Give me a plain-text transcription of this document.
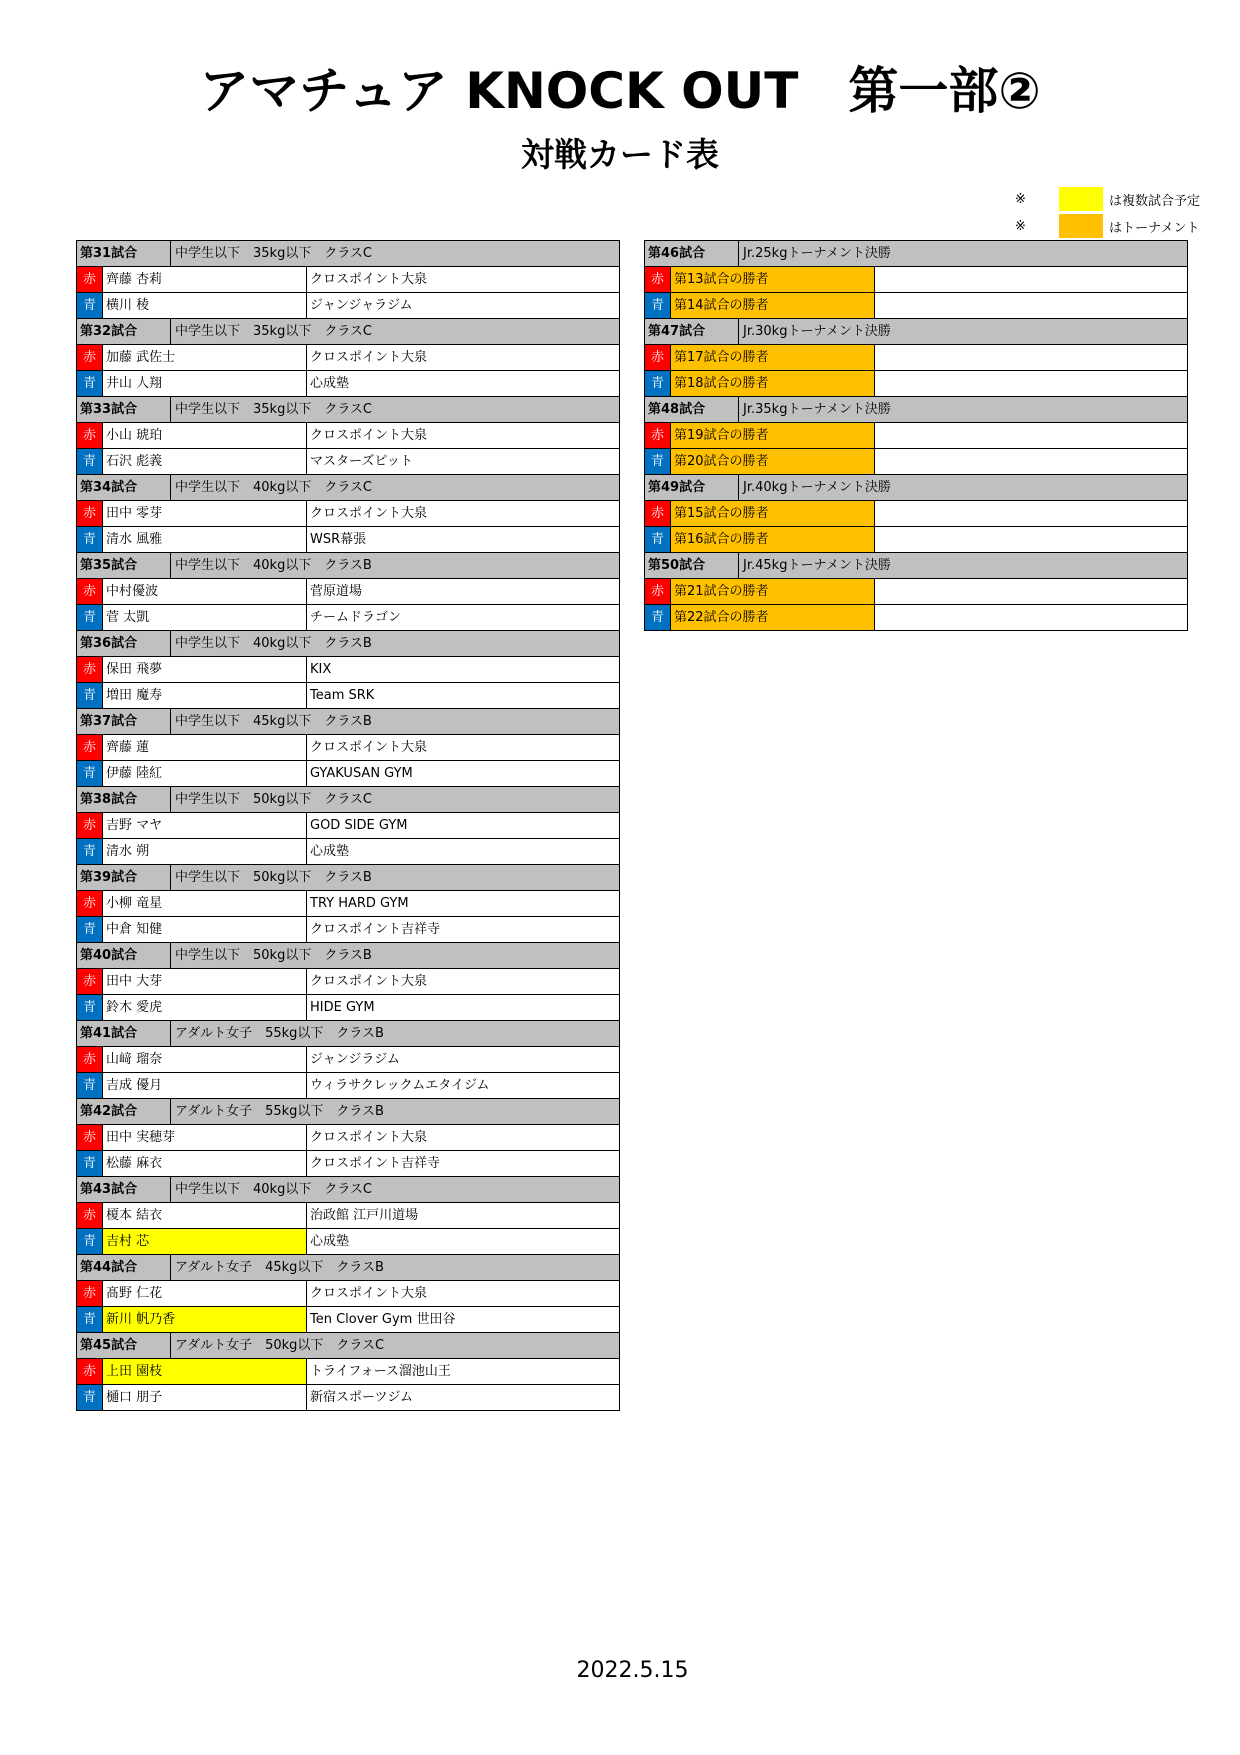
アマチュア KNOCK OUT　第一部②
対戦カード表
※	は複数試合予定
※	はトーナメント
第31試合	中学生以下　35kg以下　クラスC
赤 齊藤 杏莉	クロスポイント大泉
青 横川 稜	ジャンジャラジム
第32試合	中学生以下　35kg以下　クラスC
赤 加藤 武佐士	クロスポイント大泉
青 井山 人翔	心成塾
第33試合	中学生以下　35kg以下　クラスC
赤 小山 琥珀	クロスポイント大泉
青 石沢 彪義	マスターズピット
第34試合	中学生以下　40kg以下　クラスC
赤 田中 零芽	クロスポイント大泉
青 清水 風雅	WSR幕張
第35試合	中学生以下　40kg以下　クラスB
赤 中村優波	菅原道場
青 菅 太凱	チームドラゴン
第36試合	中学生以下　40kg以下　クラスB
赤 保田 飛夢	KIX
青 増田 魔寿	Team SRK
第37試合	中学生以下　45kg以下　クラスB
赤 齊藤 蓮	クロスポイント大泉
青 伊藤 陸紅	GYAKUSAN GYM
第38試合	中学生以下　50kg以下　クラスC
赤 吉野 マヤ	GOD SIDE GYM
青 清水 朔	心成塾
第39試合	中学生以下　50kg以下　クラスB
赤 小柳 竜星	TRY HARD GYM
青 中倉 知健	クロスポイント吉祥寺
第40試合	中学生以下　50kg以下　クラスB
赤 田中 大芽	クロスポイント大泉
青 鈴木 愛虎	HIDE GYM
第41試合	アダルト女子　55kg以下　クラスB
赤 山﨑 瑠奈	ジャンジラジム
青 吉成 優月	ウィラサクレックムエタイジム
第42試合	アダルト女子　55kg以下　クラスB
赤 田中 実穂芽	クロスポイント大泉
青 松藤 麻衣	クロスポイント吉祥寺
第43試合	中学生以下　40kg以下　クラスC
赤 榎本 結衣	治政館 江戸川道場
青 吉村 芯	心成塾
第44試合	アダルト女子　45kg以下　クラスB
赤 髙野 仁花	クロスポイント大泉
青 新川 帆乃香	Ten Clover Gym 世田谷
第45試合	アダルト女子　50kg以下　クラスC
赤 上田 園枝	トライフォース溜池山王
青 樋口 朋子	新宿スポーツジム
第46試合	Jr.25kgトーナメント決勝
赤 第13試合の勝者
青 第14試合の勝者
第47試合	Jr.30kgトーナメント決勝
赤 第17試合の勝者
青 第18試合の勝者
第48試合	Jr.35kgトーナメント決勝
赤 第19試合の勝者
青 第20試合の勝者
第49試合	Jr.40kgトーナメント決勝
赤 第15試合の勝者
青 第16試合の勝者
第50試合	Jr.45kgトーナメント決勝
赤 第21試合の勝者
青 第22試合の勝者
2022.5.15
